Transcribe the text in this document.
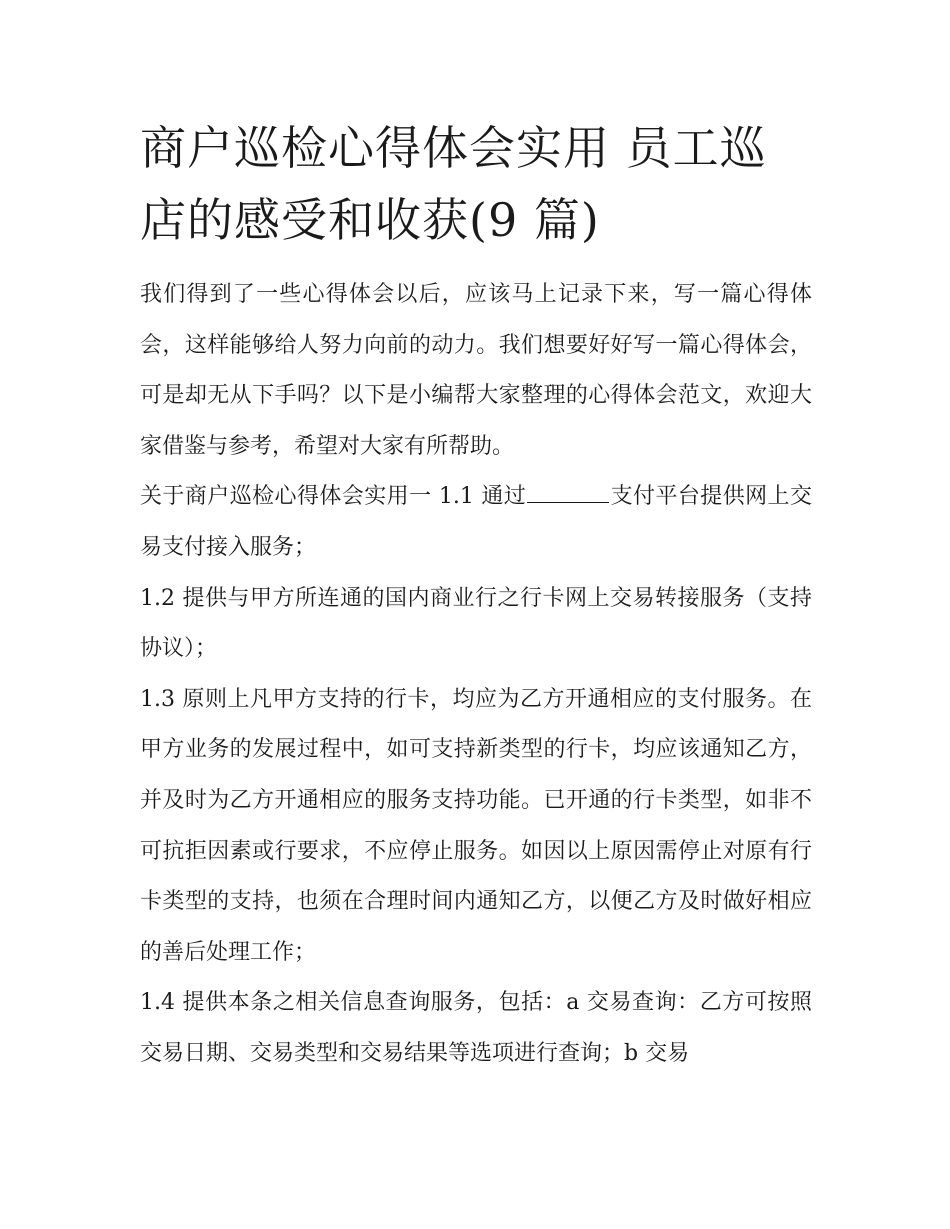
商户巡检心得体会实用 员工巡店的感受和收获(9 篇)

我们得到了一些心得体会以后，应该马上记录下来，写一篇心得体会，这样能够给人努力向前的动力。我们想要好好写一篇心得体会，可是却无从下手吗？以下是小编帮大家整理的心得体会范文，欢迎大家借鉴与参考，希望对大家有所帮助。

关于商户巡检心得体会实用一 1.1 通过	支付平台提供网上交易支付接入服务；

1.2 提供与甲方所连通的国内商业行之行卡网上交易转接服务（支持协议）；

1.3 原则上凡甲方支持的行卡，均应为乙方开通相应的支付服务。在甲方业务的发展过程中，如可支持新类型的行卡，均应该通知乙方，并及时为乙方开通相应的服务支持功能。已开通的行卡类型，如非不可抗拒因素或行要求，不应停止服务。如因以上原因需停止对原有行卡类型的支持，也须在合理时间内通知乙方，以便乙方及时做好相应的善后处理工作；

1.4 提供本条之相关信息查询服务，包括：a 交易查询：乙方可按照交易日期、交易类型和交易结果等选项进行查询；b 交易
